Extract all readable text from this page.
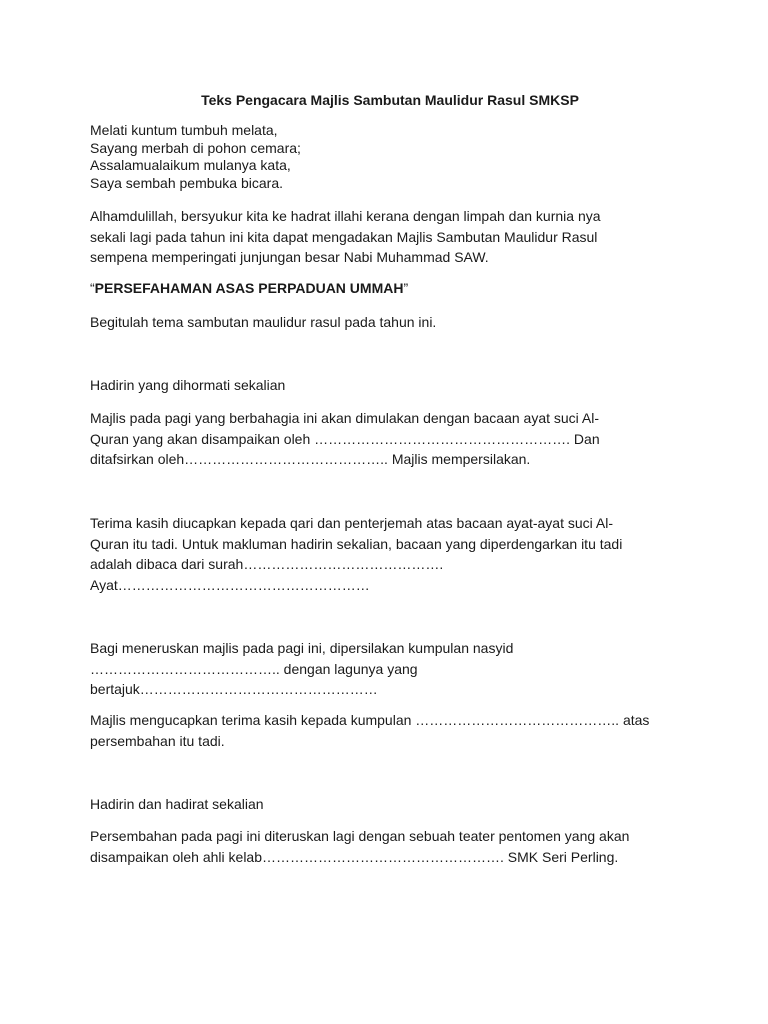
Teks Pengacara Majlis Sambutan Maulidur Rasul SMKSP

Melati kuntum tumbuh melata,
Sayang merbah di pohon cemara;
Assalamualaikum mulanya kata,
Saya sembah pembuka bicara.

Alhamdulillah, bersyukur kita ke hadrat illahi kerana dengan limpah dan kurnia nya
sekali lagi pada tahun ini kita dapat mengadakan Majlis Sambutan Maulidur Rasul
sempena memperingati junjungan besar Nabi Muhammad SAW.

“PERSEFAHAMAN ASAS PERPADUAN UMMAH”

Begitulah tema sambutan maulidur rasul pada tahun ini.

Hadirin yang dihormati sekalian

Majlis pada pagi yang berbahagia ini akan dimulakan dengan bacaan ayat suci Al-
Quran yang akan disampaikan oleh ………………………………………………. Dan
ditafsirkan oleh…………………………………….. Majlis mempersilakan.

Terima kasih diucapkan kepada qari dan penterjemah atas bacaan ayat-ayat suci Al-
Quran itu tadi. Untuk makluman hadirin sekalian, bacaan yang diperdengarkan itu tadi
adalah dibaca dari surah…………………………………….
Ayat………………………………………………

Bagi meneruskan majlis pada pagi ini, dipersilakan kumpulan nasyid
………………………………….. dengan lagunya yang
bertajuk……………………………………………

Majlis mengucapkan terima kasih kepada kumpulan …………………………………….. atas
persembahan itu tadi.

Hadirin dan hadirat sekalian

Persembahan pada pagi ini diteruskan lagi dengan sebuah teater pentomen yang akan
disampaikan oleh ahli kelab……………………………………………. SMK Seri Perling.
